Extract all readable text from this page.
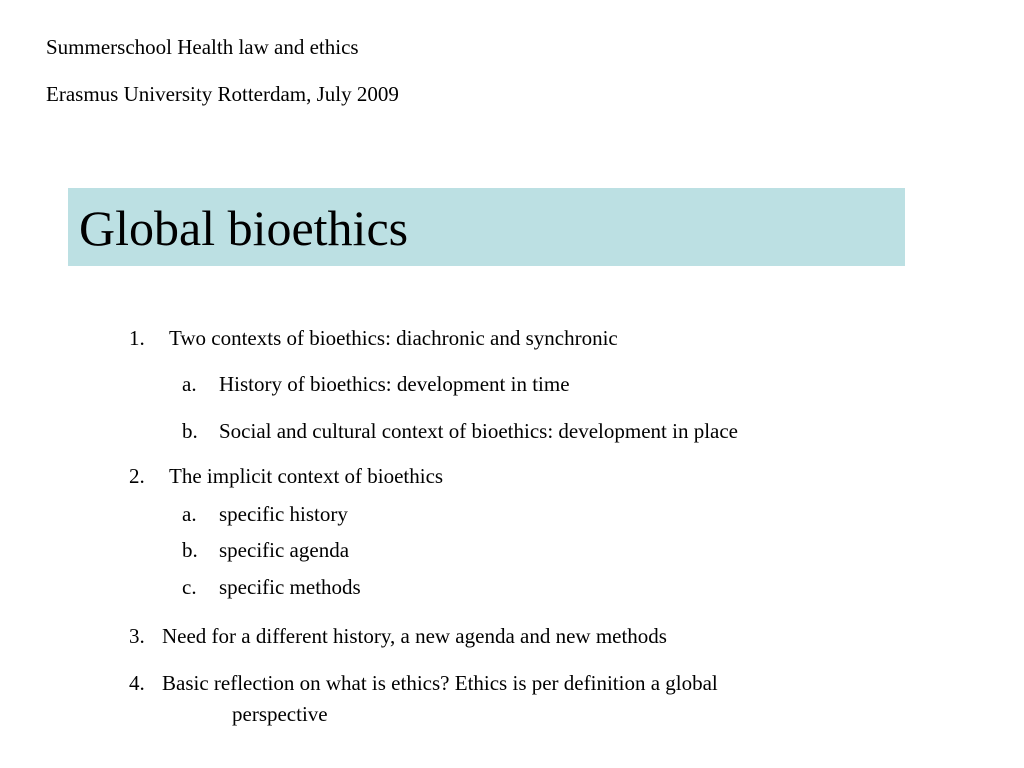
Summerschool Health law and ethics
Erasmus University Rotterdam, July 2009
Global bioethics
1. Two contexts of bioethics: diachronic and synchronic
a. History of bioethics: development in time
b. Social and cultural context of bioethics: development in place
2. The implicit context of bioethics
a. specific history
b. specific agenda
c. specific methods
3. Need for a different history, a new agenda and new methods
4. Basic reflection on what is ethics? Ethics is per definition a global
perspective
